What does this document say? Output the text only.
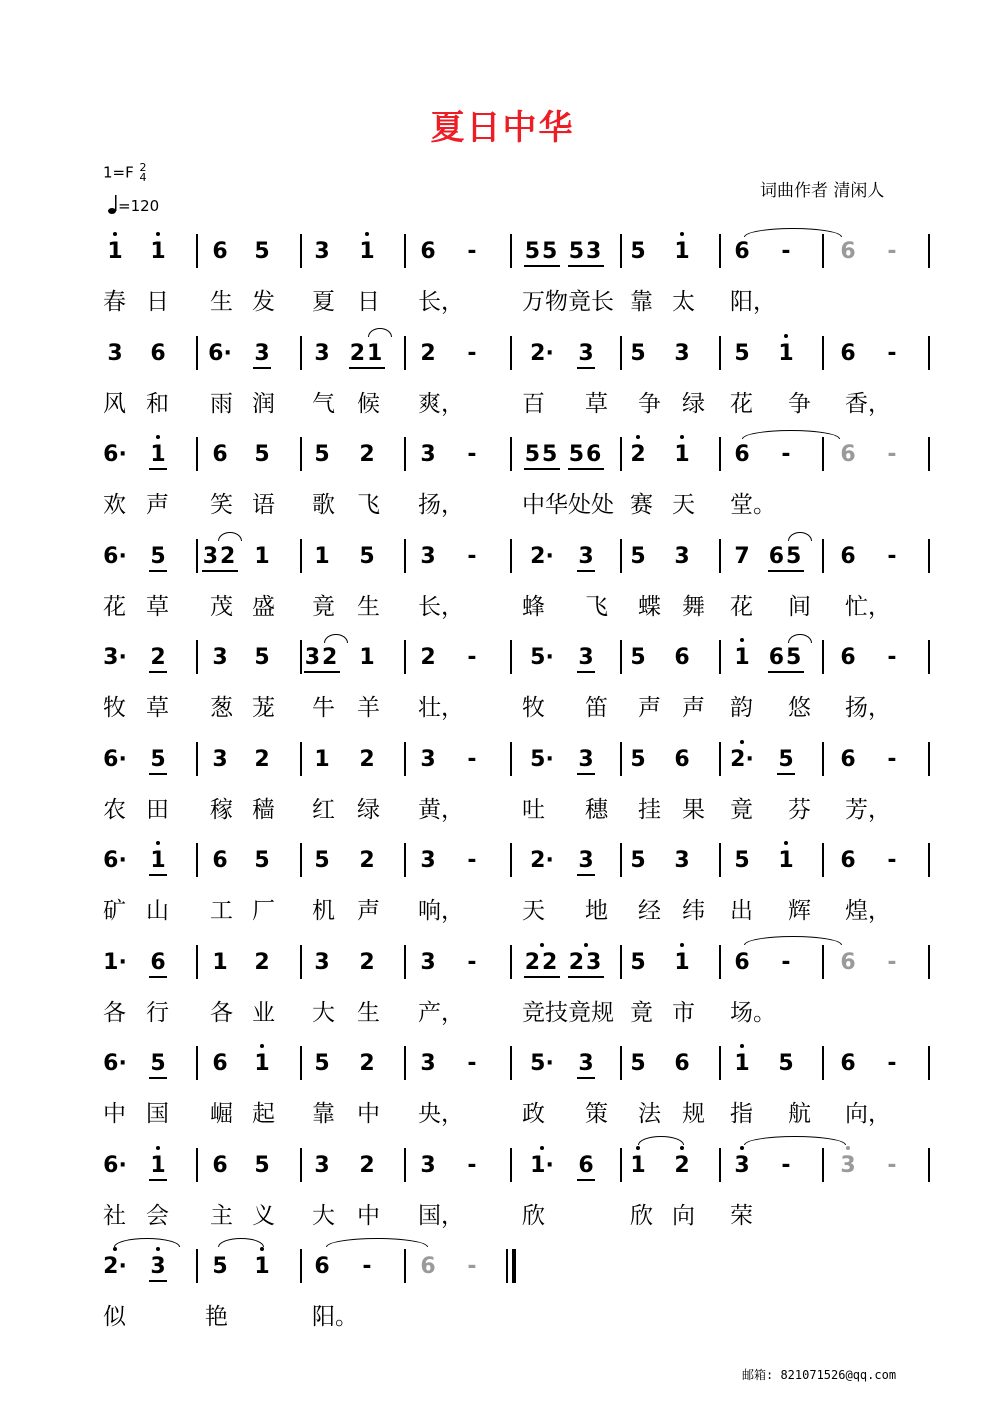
夏日中华
1=F 2
4
=120
词曲作者 清闲人
1 1 6 5 3 1 6	-	55 53 5 1 6	-	6	-
春 日 生 发 夏 日 长，	万物竟长 靠 太 阳，
3 6 6· 3 3 21 2	-	2· 3 5 3 5 1 6	-
风 和 雨 润 气 候 爽，	百 草 争 绿 花 争 香，
6· 1 6 5 5 2 3	-	55 56 2 1 6	-	6	-
欢 声 笑 语 歌 飞 扬，	中华处处 赛 天 堂。
6· 5 32 1 1 5 3	-	2· 3 5 3 7 65 6	-
花 草 茂 盛 竟 生 长，	蜂 飞 蝶 舞 花 间 忙，
3· 2 3 5 32 1 2	-	5· 3 5 6 1 65 6	-
牧 草 葱 茏 牛 羊 壮，	牧 笛 声 声 韵 悠 扬，
6· 5 3 2 1 2 3	-	5· 3 5 6 2· 5 6	-
农 田 稼 穑 红 绿 黄，	吐 穗 挂 果 竟 芬 芳，
6· 1 6 5 5 2 3	-	2· 3 5 3 5 1 6	-
矿 山 工 厂 机 声 响，	天 地 经 纬 出 辉 煌，
1· 6 1 2 3 2 3	-	22 23 5 1 6	-	6	-
各 行 各 业 大 生 产，	竞技竟规 竟 市 场。
6· 5 6 1 5 2 3	-	5· 3 5 6 1 5 6	-
中 国 崛 起 靠 中 央，	政 策 法 规 指 航 向，
6· 1 6 5 3 2 3	-	1· 6 1 2 3	-	3	-
社 会 主 义 大 中 国，	欣	欣 向 荣
2· 3 5 1 6	-	6	-
似	艳	阳。
邮箱: 821071526@qq.com
